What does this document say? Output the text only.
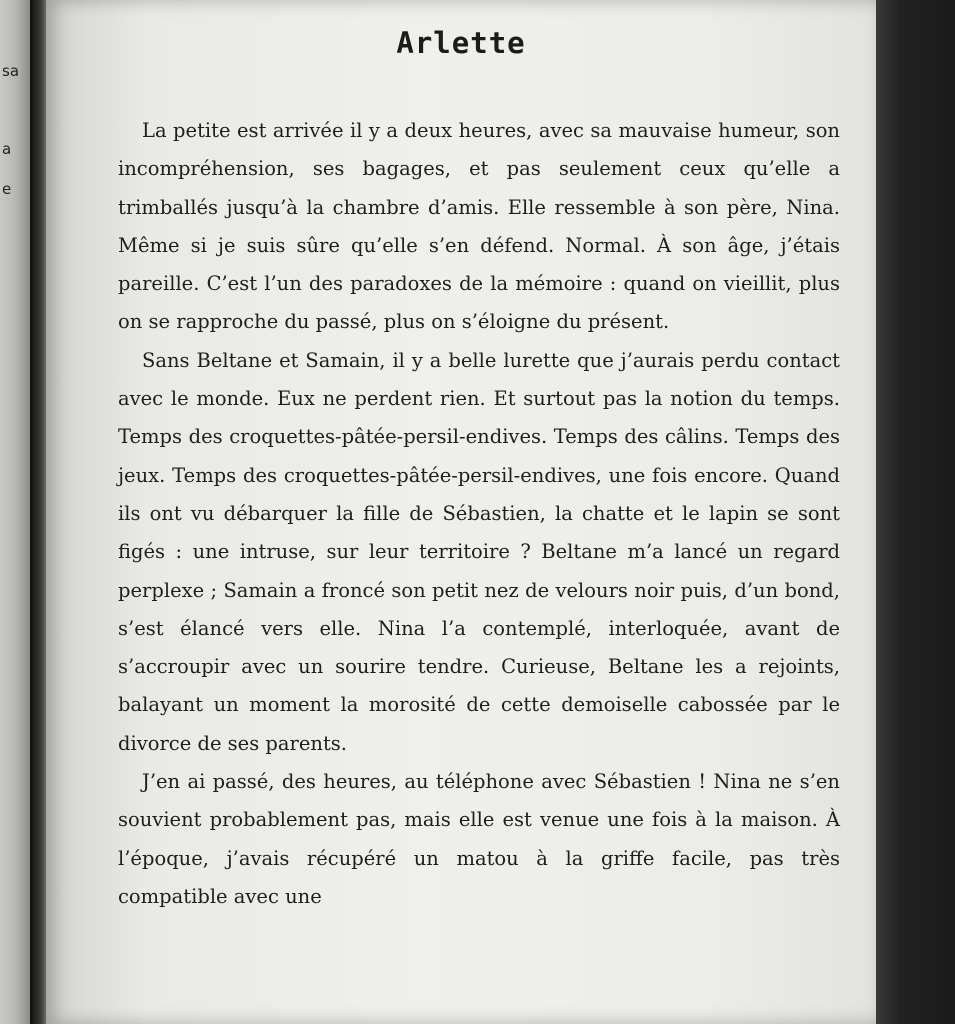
sa
a
e
Arlette

La petite est arrivée il y a deux heures, avec sa mauvaise humeur, son incompréhension, ses bagages, et pas seulement ceux qu’elle a trimballés jusqu’à la chambre d’amis. Elle ressemble à son père, Nina. Même si je suis sûre qu’elle s’en défend. Normal. À son âge, j’étais pareille. C’est l’un des paradoxes de la mémoire : quand on vieillit, plus on se rapproche du passé, plus on s’éloigne du présent.

Sans Beltane et Samain, il y a belle lurette que j’aurais perdu contact avec le monde. Eux ne perdent rien. Et surtout pas la notion du temps. Temps des croquettes-pâtée-persil-endives. Temps des câlins. Temps des jeux. Temps des croquettes-pâtée-persil-endives, une fois encore. Quand ils ont vu débarquer la fille de Sébastien, la chatte et le lapin se sont figés : une intruse, sur leur territoire ? Beltane m’a lancé un regard perplexe ; Samain a froncé son petit nez de velours noir puis, d’un bond, s’est élancé vers elle. Nina l’a contemplé, interloquée, avant de s’accroupir avec un sourire tendre. Curieuse, Beltane les a rejoints, balayant un moment la morosité de cette demoiselle cabossée par le divorce de ses parents.

J’en ai passé, des heures, au téléphone avec Sébastien ! Nina ne s’en souvient probablement pas, mais elle est venue une fois à la maison. À l’époque, j’avais récupéré un matou à la griffe facile, pas très compatible avec une
